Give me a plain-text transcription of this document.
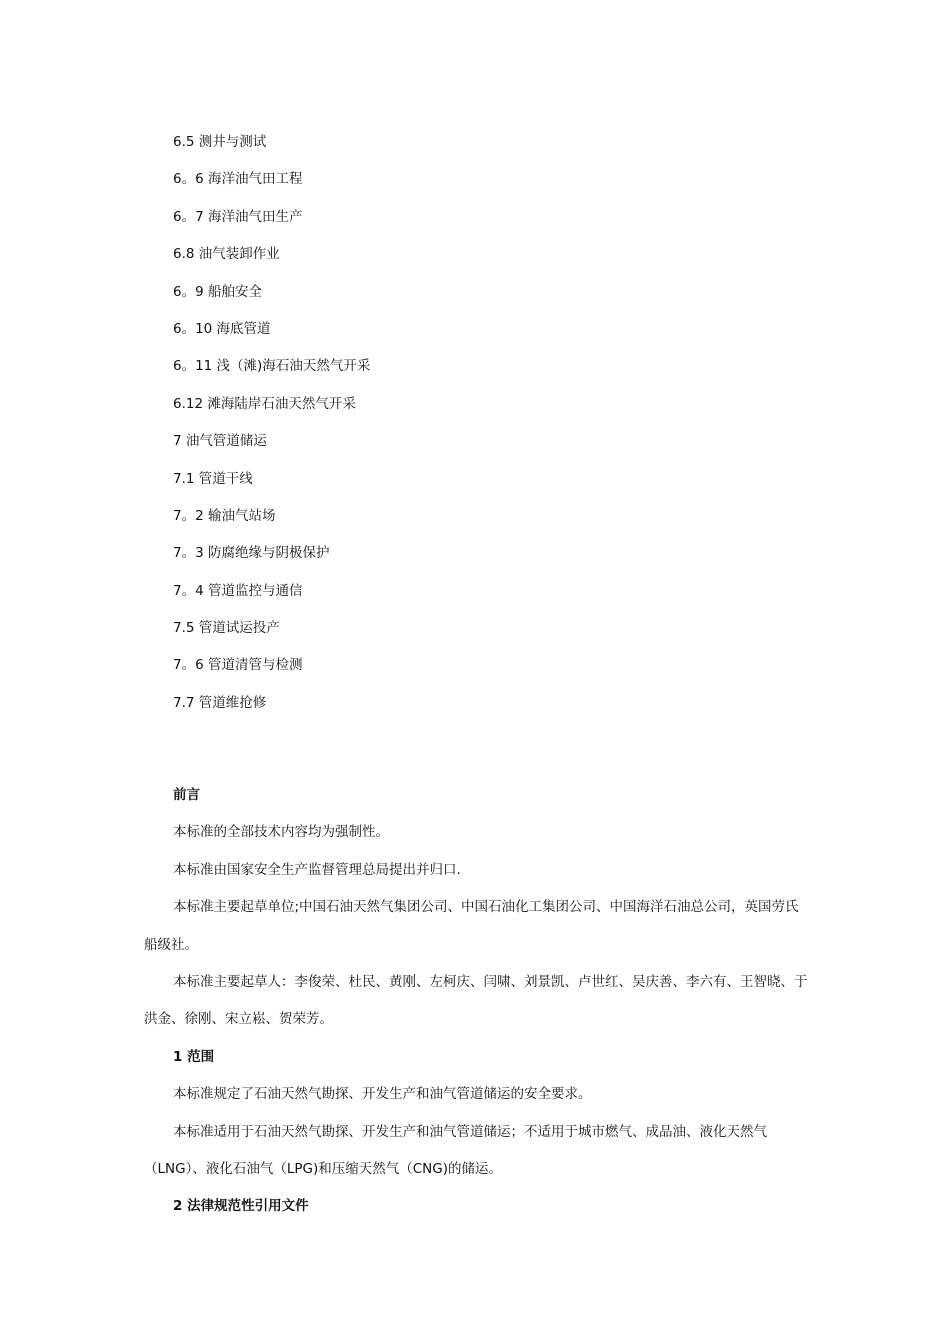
6.5 测井与测试
6。6 海洋油气田工程
6。7 海洋油气田生产
6.8 油气装卸作业
6。9 船舶安全
6。10 海底管道
6。11 浅（滩)海石油天然气开采
6.12 滩海陆岸石油天然气开采
7 油气管道储运
7.1 管道干线
7。2 输油气站场
7。3 防腐绝缘与阴极保护
7。4 管道监控与通信
7.5 管道试运投产
7。6 管道清管与检测
7.7 管道维抢修

前言

本标准的全部技术内容均为强制性。

本标准由国家安全生产监督管理总局提出并归口.

本标准主要起草单位;中国石油天然气集团公司、中国石油化工集团公司、中国海洋石油总公司，英国劳氏船级社。

本标准主要起草人：李俊荣、杜民、黄刚、左柯庆、闫啸、刘景凯、卢世红、吴庆善、李六有、王智晓、于洪金、徐刚、宋立崧、贺荣芳。

1 范围

本标准规定了石油天然气勘探、开发生产和油气管道储运的安全要求。

本标准适用于石油天然气勘探、开发生产和油气管道储运；不适用于城市燃气、成品油、液化天然气（LNG）、液化石油气（LPG)和压缩天然气（CNG)的储运。

2 法律规范性引用文件
